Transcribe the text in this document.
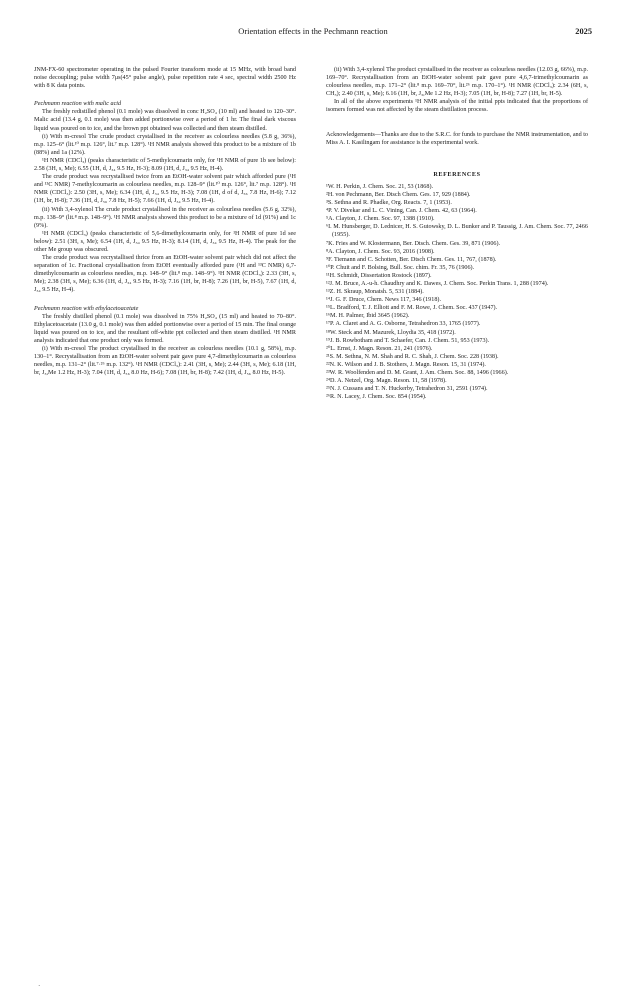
Orientation effects in the Pechmann reaction	2025

JNM-FX-60 spectrometer operating in the pulsed Fourier transform mode at 15 MHz, with broad band noise decoupling; pulse width 7μs(45° pulse angle), pulse repetition rate 4 sec, spectral width 2500 Hz with 8 K data points.

Pechmann reaction with malic acid

The freshly redistilled phenol (0.1 mole) was dissolved in conc H₂SO₄ (10 ml) and heated to 120–30°. Malic acid (13.4 g, 0.1 mole) was then added portionwise over a period of 1 hr. The final dark viscous liquid was poured on to ice, and the brown ppt obtained was collected and then steam distilled.

(i) With m-cresol The crude product crystallised in the receiver as colourless needles (5.8 g, 36%), m.p. 125–6° (lit.¹⁰ m.p. 126°, lit.⁷ m.p. 128°). ¹H NMR analysis showed this product to be a mixture of 1b (88%) and 1a (12%).

¹H NMR (CDCl₃) (peaks characteristic of 5-methylcoumarin only, for ¹H NMR of pure 1b see below): 2.58 (3H, s, Me); 6.55 (1H, d, J₃₄ 9.5 Hz, H-3); 8.09 (1H, d, J₃₄ 9.5 Hz, H-4).

The crude product was recrystallised twice from an EtOH-water solvent pair which afforded pure (¹H and ¹³C NMR) 7-methylcoumarin as colourless needles, m.p. 128–9° (lit.¹⁰ m.p. 126°, lit.⁷ m.p. 128°). ¹H NMR (CDCl₃): 2.50 (3H, s, Me); 6.34 (1H, d, J₃₄ 9.5 Hz, H-3); 7.08 (1H, d of d, J₅₆ 7.8 Hz, H-6); 7.12 (1H, br, H-8); 7.36 (1H, d, J₅₆ 7.8 Hz, H-5); 7.66 (1H, d, J₃₄ 9.5 Hz, H-4).

(ii) With 3,4-xylenol The crude product crystallised in the receiver as colourless needles (5.6 g, 32%), m.p. 138–9° (lit.⁸ m.p. 148–9°). ¹H NMR analysis showed this product to be a mixture of 1d (91%) and 1c (9%).

¹H NMR (CDCl₃) (peaks characteristic of 5,6-dimethylcoumarin only, for ¹H NMR of pure 1d see below): 2.51 (3H, s, Me); 6.54 (1H, d, J₃₄ 9.5 Hz, H-3); 8.14 (1H, d, J₃₄ 9.5 Hz, H-4). The peak for the other Me group was obscured.

The crude product was recrystallised thrice from an EtOH-water solvent pair which did not affect the separation of 1c. Fractional crystallisation from EtOH eventually afforded pure (¹H and ¹³C NMR) 6,7-dimethylcoumarin as colourless needles, m.p. 148–9° (lit.⁸ m.p. 148–9°). ¹H NMR (CDCl₃): 2.33 (3H, s, Me); 2.38 (3H, s, Me); 6.36 (1H, d, J₃₄ 9.5 Hz, H-3); 7.16 (1H, br, H-8); 7.26 (1H, br, H-5), 7.67 (1H, d, J₃₄ 9.5 Hz, H-4).

Pechmann reaction with ethylacetoacetate

The freshly distilled phenol (0.1 mole) was dissolved in 75% H₂SO₄ (15 ml) and heated to 70–80°. Ethylacetoacetate (13.0 g, 0.1 mole) was then added portionwise over a period of 15 min. The final orange liquid was poured on to ice, and the resultant off-white ppt collected and then steam distilled. ¹H NMR analysis indicated that one product only was formed.

(i) With m-cresol The product crystallised in the receiver as colourless needles (10.1 g, 58%), m.p. 130–1°. Recrystallisation from an EtOH-water solvent pair gave pure 4,7-dimethylcoumarin as colourless needles, m.p. 131–2° (lit.⁷·²⁶ m.p. 132°). ¹H NMR (CDCl₃): 2.41 (3H, s, Me); 2.44 (3H, s, Me); 6.18 (1H, br, J₃,Me 1.2 Hz, H-3); 7.04 (1H, d, J₅₆ 8.0 Hz, H-6); 7.08 (1H, br, H-8); 7.42 (1H, d, J₅₆ 8.0 Hz, H-5).

(ii) With 3,4-xylenol The product cyrstallised in the receiver as colourless needles (12.03 g, 66%), m.p. 169–70°. Recrystallisation from an EtOH-water solvent pair gave pure 4,6,7-trimethylcoumarin as colourless needles, m.p. 171–2° (lit.⁸ m.p. 169–70°, lit.²⁶ m.p. 170–1°). ¹H NMR (CDCl₃): 2.34 (6H, s, CH₃); 2.40 (3H, s, Me); 6.16 (1H, br, J₃,Me 1.2 Hz, H-3); 7.05 (1H, br, H-8); 7.27 (1H, br, H-5).

In all of the above experiments ¹H NMR analysis of the initial ppts indicated that the proportions of isomers formed was not affected by the steam distillation process.

Acknowledgements—Thanks are due to the S.R.C. for funds to purchase the NMR instrumentation, and to Miss A. I. Kasilingam for assistance is the experimental work.

REFERENCES

¹W. H. Perkin, J. Chem. Soc. 21, 53 (1868).

²H. von Pechmann, Ber. Dtsch Chem. Ges. 17, 929 (1884).

³S. Sethna and R. Phadke, Org. Reacts. 7, 1 (1953).

⁴P. V. Divekar and L. C. Vining, Can. J. Chem. 42, 63 (1964).

⁵A. Clayton, J. Chem. Soc. 97, 1388 (1910).

⁶I. M. Hunsberger, D. Lednicer, H. S. Gutowsky, D. L. Bunker and P. Taussig, J. Am. Chem. Soc. 77, 2466 (1955).

⁷K. Fries and W. Klostermann, Ber. Dtsch. Chem. Ges. 39, 871 (1906).

⁸A. Clayton, J. Chem. Soc. 93, 2016 (1908).

⁹F. Tiemann and C. Schotten, Ber. Dtsch Chem. Ges. 11, 767, (1878).

¹⁰P. Chuit and F. Bolsing, Bull. Soc. chim. Fr. 35, 76 (1906).

¹¹H. Schmidt, Dissertation Rostock (1897).

¹²J. M. Bruce, A.-u-h. Chaudhry and K. Dawes, J. Chem. Soc. Perkin Trans. 1, 288 (1974).

¹³Z. H. Skraup, Monatsh. 5, 531 (1884).

¹⁴J. G. F. Druce, Chem. News 117, 346 (1918).

¹⁵L. Bradford, T. J. Elliott and F. M. Rowe, J. Chem. Soc. 437 (1947).

¹⁶M. H. Palmer, Ibid 3645 (1962).

¹⁷P. A. Claret and A. G. Osborne, Tetrahedron 33, 1765 (1977).

¹⁸W. Steck and M. Mazurek, Lloydia 35, 418 (1972).

¹⁹J. B. Rowbotham and T. Schaefer, Can. J. Chem. 51, 953 (1973).

²⁰L. Ernst, J. Magn. Reson. 21, 241 (1976).

²¹S. M. Sethna, N. M. Shah and R. C. Shah, J. Chem. Soc. 228 (1938).

²²N. K. Wilson and J. B. Stothers, J. Magn. Reson. 15, 31 (1974).

²³W. R. Woolfenden and D. M. Grant, J. Am. Chem. Soc. 88, 1496 (1966).

²⁴D. A. Netzel, Org. Magn. Reson. 11, 58 (1978).

²⁵N. J. Cussans and T. N. Huckerby, Tetrahedron 31, 2591 (1974).

²⁶R. N. Lacey, J. Chem. Soc. 854 (1954).

·
